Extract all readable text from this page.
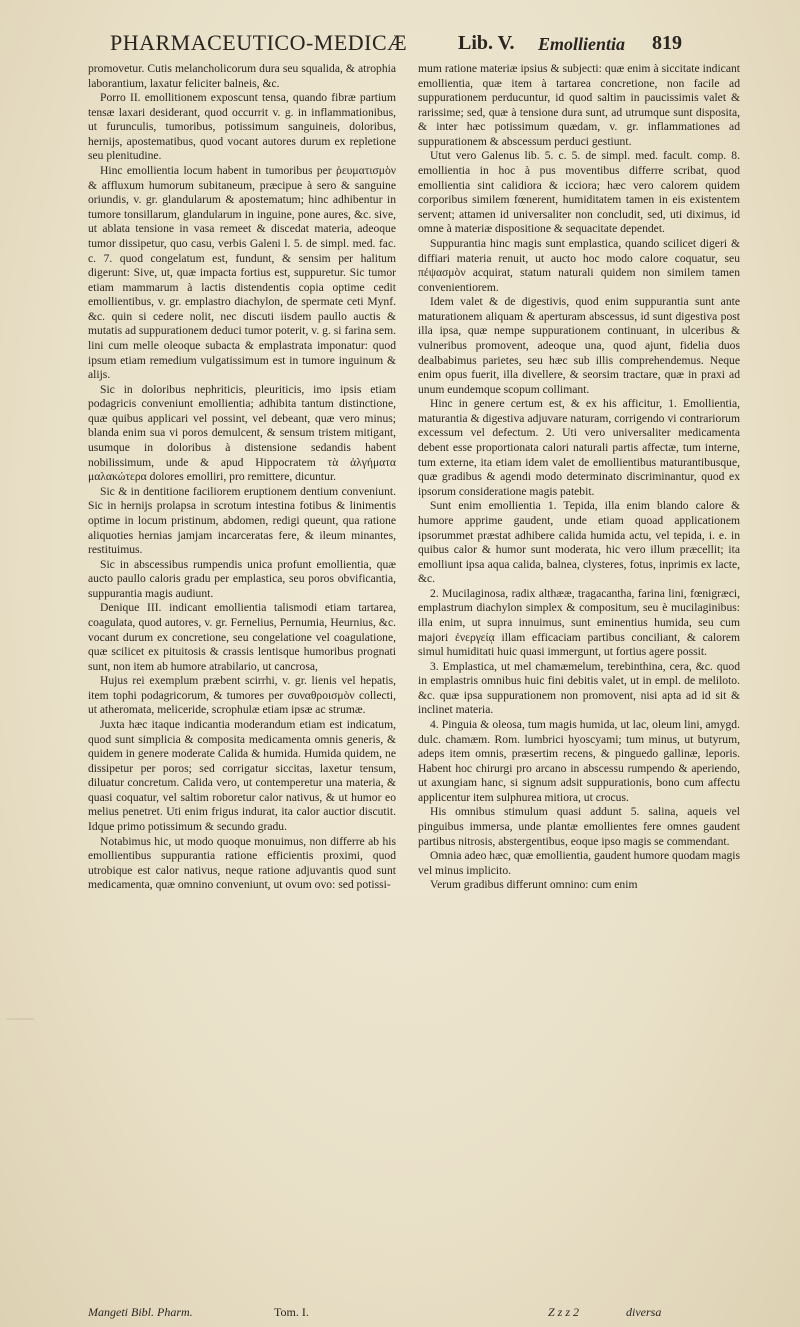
PHARMACEUTICO-MEDICÆ	Lib. V. Emollientia 819

promovetur. Cutis melancholicorum dura seu squalida, & atrophia laborantium, laxatur feliciter balneis, &c.

Porro II. emollitionem exposcunt tensa, quando fibræ partium tensæ laxari desiderant, quod occurrit v. g. in inflammationibus, ut furunculis, tumoribus, potissimum sanguineis, doloribus, hernijs, apostematibus, quod vocant autores durum ex repletione seu plenitudine.

Hinc emollientia locum habent in tumoribus per ῥευματισμὸν & affluxum humorum subitaneum, præcipue à sero & sanguine oriundis, v. gr. glandularum & apostematum; hinc adhibentur in tumore tonsillarum, glandularum in inguine, pone aures, &c. sive, ut ablata tensione in vasa remeet & discedat materia, adeoque tumor dissipetur, quo casu, verbis Galeni l. 5. de simpl. med. fac. c. 7. quod congelatum est, fundunt, & sensim per halitum digerunt: Sive, ut, quæ impacta fortius est, suppuretur. Sic tumor etiam mammarum à lactis distendentis copia optime cedit emollientibus, v. gr. emplastro diachylon, de spermate ceti Mynf. &c. quin si cedere nolit, nec discuti iisdem paullo auctis & mutatis ad suppurationem deduci tumor poterit, v. g. si farina sem. lini cum melle oleoque subacta & emplastrata imponatur: quod ipsum etiam remedium vulgatissimum est in tumore inguinum & alijs.

Sic in doloribus nephriticis, pleuriticis, imo ipsis etiam podagricis conveniunt emollientia; adhibita tantum distinctione, quæ quibus applicari vel possint, vel debeant, quæ vero minus; blanda enim sua vi poros demulcent, & sensum tristem mitigant, usumque in doloribus à distensione sedandis habent nobilissimum, unde & apud Hippocratem τὰ ἀλγήματα μαλακώτερα dolores emolliri, pro remittere, dicuntur.

Sic & in dentitione faciliorem eruptionem dentium conveniunt. Sic in hernijs prolapsa in scrotum intestina fotibus & linimentis optime in locum pristinum, abdomen, redigi queunt, qua ratione aliquoties hernias jamjam incarceratas fere, & ileum minantes, restituimus.

Sic in abscessibus rumpendis unica profunt emollientia, quæ aucto paullo caloris gradu per emplastica, seu poros obvificantia, suppurantia magis audiunt.

Denique III. indicant emollientia talismodi etiam tartarea, coagulata, quod autores, v. gr. Fernelius, Pernumia, Heurnius, &c. vocant durum ex concretione, seu congelatione vel coagulatione, quæ scilicet ex pituitosis & crassis lentisque humoribus prognati sunt, non item ab humore atrabilario, ut cancrosa,

Hujus rei exemplum præbent scirrhi, v. gr. lienis vel hepatis, item tophi podagricorum, & tumores per συναθροισμὸν collecti, ut atheromata, meliceride, scrophulæ etiam ipsæ ac strumæ.

Juxta hæc itaque indicantia moderandum etiam est indicatum, quod sunt simplicia & composita medicamenta omnis generis, & quidem in genere moderate Calida & humida. Humida quidem, ne dissipetur per poros; sed corrigatur siccitas, laxetur tensum, diluatur concretum. Calida vero, ut contemperetur una materia, & quasi coquatur, vel saltim roboretur calor nativus, & ut humor eo melius penetret. Uti enim frigus indurat, ita calor auctior discutit. Idque primo potissimum & secundo gradu.

Notabimus hic, ut modo quoque monuimus, non differre ab his emollientibus suppurantia ratione efficientis proximi, quod utrobique est calor nativus, neque ratione adjuvantis quod sunt medicamenta, quæ omnino conveniunt, ut ovum ovo: sed potissi-

mum ratione materiæ ipsius & subjecti: quæ enim à siccitate indicant emollientia, quæ item à tartarea concretione, non facile ad suppurationem perducuntur, id quod saltim in paucissimis valet & rarissime; sed, quæ à tensione dura sunt, ad utrumque sunt disposita, & inter hæc potissimum quædam, v. gr. inflammationes ad suppurationem & abscessum perduci gestiunt.

Utut vero Galenus lib. 5. c. 5. de simpl. med. facult. comp. 8. emollientia in hoc à pus moventibus differre scribat, quod emollientia sint calidiora & icciora; hæc vero calorem quidem corporibus similem fœnerent, humiditatem tamen in eis existentem servent; attamen id universaliter non concludit, sed, uti diximus, id omne à materiæ dispositione & sequacitate dependet.

Suppurantia hinc magis sunt emplastica, quando scilicet digeri & diffiari materia renuit, ut aucto hoc modo calore coquatur, seu πέψασμὸν acquirat, statum naturali quidem non similem tamen convenientiorem.

Idem valet & de digestivis, quod enim suppurantia sunt ante maturationem aliquam & aperturam abscessus, id sunt digestiva post illa ipsa, quæ nempe suppurationem continuant, in ulceribus & vulneribus promovent, adeoque una, quod ajunt, fidelia duos dealbabimus parietes, seu hæc sub illis comprehendemus. Neque enim opus fuerit, illa divellere, & seorsim tractare, quæ in praxi ad unum eundemque scopum collimant.

Hinc in genere certum est, & ex his afficitur, 1. Emollientia, maturantia & digestiva adjuvare naturam, corrigendo vi contrariorum excessum vel defectum. 2. Uti vero universaliter medicamenta debent esse proportionata calori naturali partis affectæ, tum interne, tum externe, ita etiam idem valet de emollientibus maturantibusque, quæ gradibus & agendi modo determinato discriminantur, quod ex ipsorum consideratione magis patebit.

Sunt enim emollientia 1. Tepida, illa enim blando calore & humore apprime gaudent, unde etiam quoad applicationem ipsorummet præstat adhibere calida humida actu, vel tepida, i. e. in quibus calor & humor sunt moderata, hic vero illum præcellit; ita emolliunt ipsa aqua calida, balnea, clysteres, fotus, inprimis ex lacte, &c.

2. Mucilaginosa, radix althææ, tragacantha, farina lini, fœnigræci, emplastrum diachylon simplex & compositum, seu è mucilaginibus: illa enim, ut supra innuimus, sunt eminentius humida, seu cum majori ἐνεργείᾳ illam efficaciam partibus conciliant, & calorem simul humiditati huic quasi immergunt, ut fortius agere possit.

3. Emplastica, ut mel chamæmelum, terebinthina, cera, &c. quod in emplastris omnibus huic fini debitis valet, ut in empl. de meliloto. &c. quæ ipsa suppurationem non promovent, nisi apta ad id sit & inclinet materia.

4. Pinguia & oleosa, tum magis humida, ut lac, oleum lini, amygd. dulc. chamæm. Rom. lumbrici hyoscyami; tum minus, ut butyrum, adeps item omnis, præsertim recens, & pinguedo gallinæ, leporis. Habent hoc chirurgi pro arcano in abscessu rumpendo & aperiendo, ut axungiam hanc, si signum adsit suppurationis, bono cum affectu applicentur item sulphurea mitiora, ut crocus.

His omnibus stimulum quasi addunt 5. salina, aqueis vel pinguibus immersa, unde plantæ emollientes fere omnes gaudent partibus nitrosis, abstergentibus, eoque ipso magis se commendant.

Omnia adeo hæc, quæ emollientia, gaudent humore quodam magis vel minus implicito.

Verum gradibus differunt omnino: cum enim

Mangeti Bibl. Pharm.	Tom. I.	Z z z 2	diversa
